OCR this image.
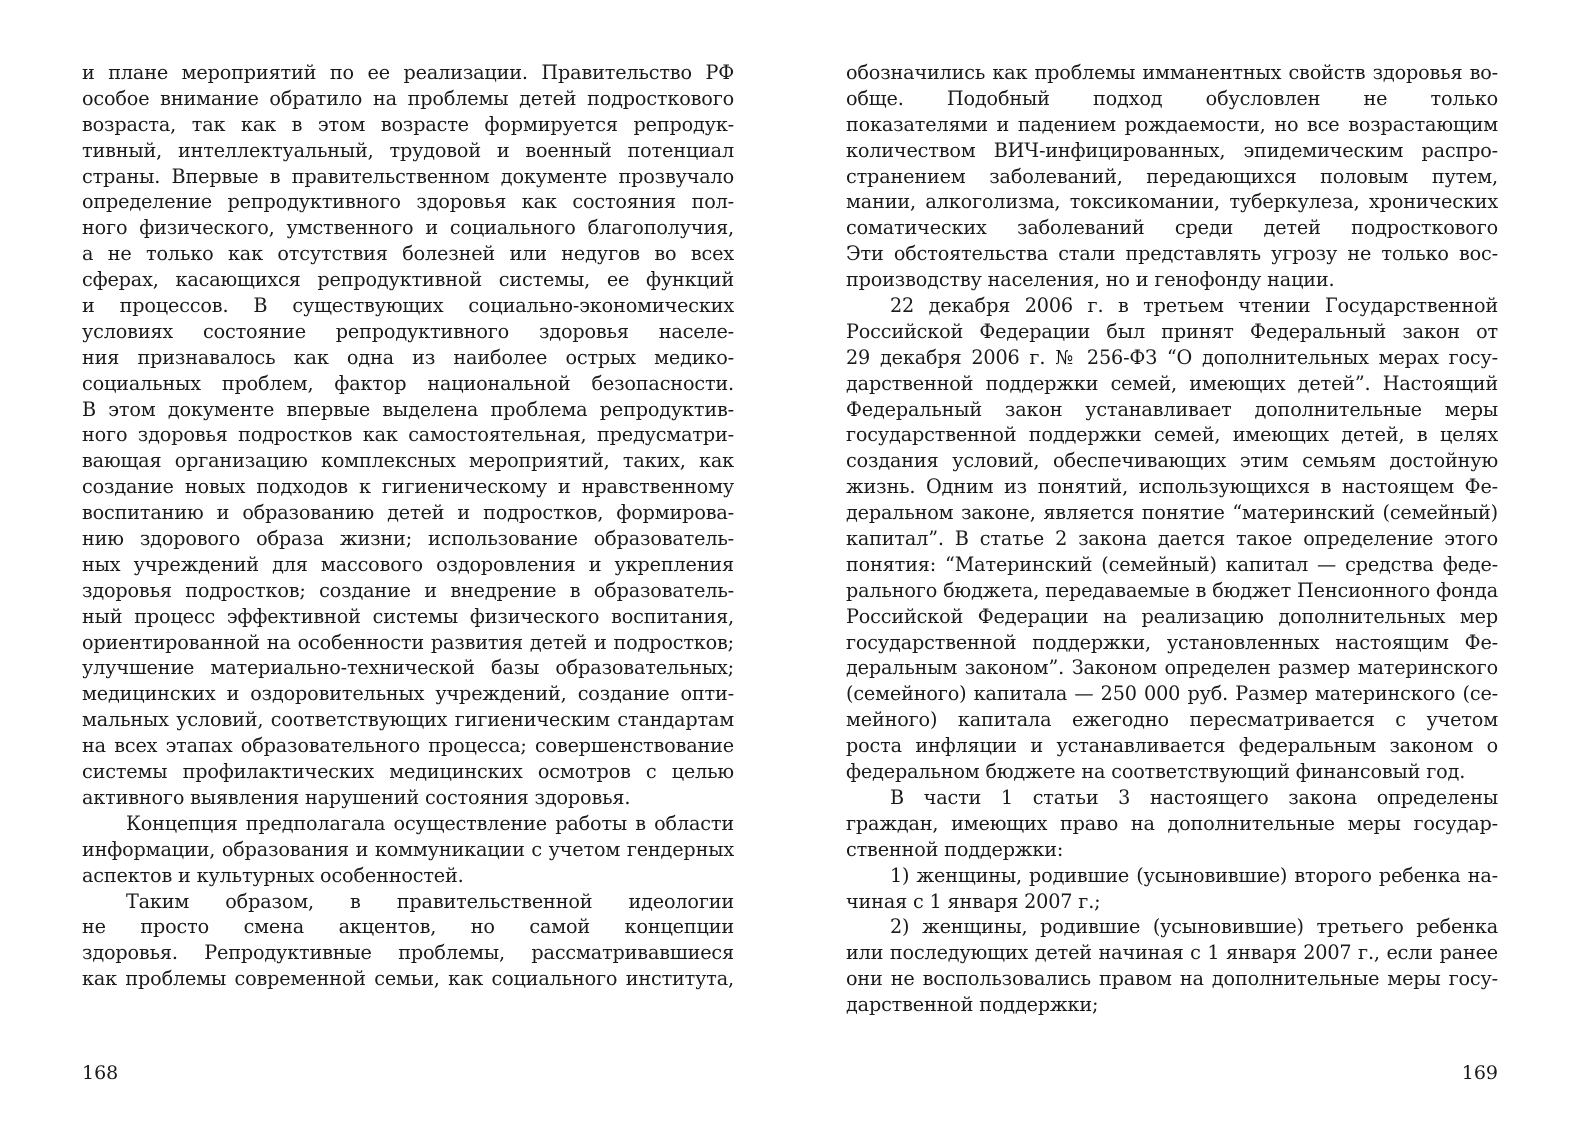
и плане мероприятий по ее реализации. Правительство РФ
особое внимание обратило на проблемы детей подросткового
возраста, так как в этом возрасте формируется репродук-
тивный, интеллектуальный, трудовой и военный потенциал
страны. Впервые в правительственном документе прозвучало
определение репродуктивного здоровья как состояния пол-
ного физического, умственного и социального благополучия,
а не только как отсутствия болезней или недугов во всех
сферах, касающихся репродуктивной системы, ее функций
и процессов. В существующих социально-экономических
условиях состояние репродуктивного здоровья населе-
ния признавалось как одна из наиболее острых медико-
социальных проблем, фактор национальной безопасности.
В этом документе впервые выделена проблема репродуктив-
ного здоровья подростков как самостоятельная, предусматри-
вающая организацию комплексных мероприятий, таких, как
создание новых подходов к гигиеническому и нравственному
воспитанию и образованию детей и подростков, формирова-
нию здорового образа жизни; использование образователь-
ных учреждений для массового оздоровления и укрепления
здоровья подростков; создание и внедрение в образователь-
ный процесс эффективной системы физического воспитания,
ориентированной на особенности развития детей и подростков;
улучшение материально-технической базы образовательных;
медицинских и оздоровительных учреждений, создание опти-
мальных условий, соответствующих гигиеническим стандартам
на всех этапах образовательного процесса; совершенствование
системы профилактических медицинских осмотров с целью
активного выявления нарушений состояния здоровья.
Концепция предполагала осуществление работы в области
информации, образования и коммуникации с учетом гендерных
аспектов и культурных особенностей.
Таким образом, в правительственной идеологии
не просто смена акцентов, но самой концепции
здоровья. Репродуктивные проблемы, рассматривавшиеся
как проблемы современной семьи, как социального института,
168
обозначились как проблемы имманентных свойств здоровья во-
обще. Подобный подход обусловлен не только
показателями и падением рождаемости, но все возрастающим
количеством ВИЧ-инфицированных, эпидемическим распро-
странением заболеваний, передающихся половым путем,
мании, алкоголизма, токсикомании, туберкулеза, хронических
соматических заболеваний среди детей подросткового
Эти обстоятельства стали представлять угрозу не только вос-
производству населения, но и генофонду нации.
22 декабря 2006 г. в третьем чтении Государственной
Российской Федерации был принят Федеральный закон от
29 декабря 2006 г. № 256-ФЗ “О дополнительных мерах госу-
дарственной поддержки семей, имеющих детей”. Настоящий
Федеральный закон устанавливает дополнительные меры
государственной поддержки семей, имеющих детей, в целях
создания условий, обеспечивающих этим семьям достойную
жизнь. Одним из понятий, использующихся в настоящем Фе-
деральном законе, является понятие “материнский (семейный)
капитал”. В статье 2 закона дается такое определение этого
понятия: “Материнский (семейный) капитал — средства феде-
рального бюджета, передаваемые в бюджет Пенсионного фонда
Российской Федерации на реализацию дополнительных мер
государственной поддержки, установленных настоящим Фе-
деральным законом”. Законом определен размер материнского
(семейного) капитала — 250 000 руб. Размер материнского (се-
мейного) капитала ежегодно пересматривается с учетом
роста инфляции и устанавливается федеральным законом о
федеральном бюджете на соответствующий финансовый год.
В части 1 статьи 3 настоящего закона определены
граждан, имеющих право на дополнительные меры государ-
ственной поддержки:
1) женщины, родившие (усыновившие) второго ребенка на-
чиная с 1 января 2007 г.;
2) женщины, родившие (усыновившие) третьего ребенка
или последующих детей начиная с 1 января 2007 г., если ранее
они не воспользовались правом на дополнительные меры госу-
дарственной поддержки;
169
